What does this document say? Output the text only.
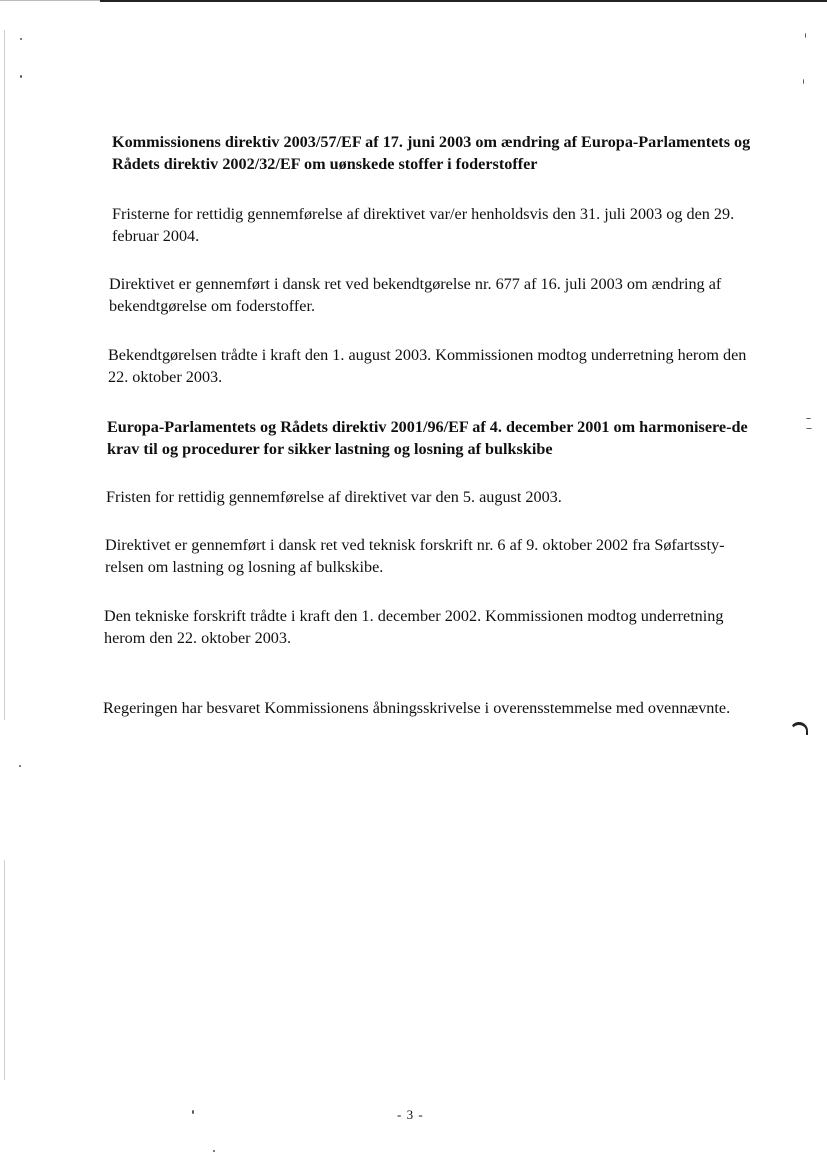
Kommissionens direktiv 2003/57/EF af 17. juni 2003 om ændring af Europa-Parlamentets og Rådets direktiv 2002/32/EF om uønskede stoffer i foderstoffer
Fristerne for rettidig gennemførelse af direktivet var/er henholdsvis den 31. juli 2003 og den 29. februar 2004.
Direktivet er gennemført i dansk ret ved bekendtgørelse nr. 677 af 16. juli 2003 om ændring af bekendtgørelse om foderstoffer.
Bekendtgørelsen trådte i kraft den 1. august 2003. Kommissionen modtog underretning herom den 22. oktober 2003.
Europa-Parlamentets og Rådets direktiv 2001/96/EF af 4. december 2001 om harmonisere-de krav til og procedurer for sikker lastning og losning af bulkskibe
Fristen for rettidig gennemførelse af direktivet var den 5. august 2003.
Direktivet er gennemført i dansk ret ved teknisk forskrift nr. 6 af 9. oktober 2002 fra Søfartssty-relsen om lastning og losning af bulkskibe.
Den tekniske forskrift trådte i kraft den 1. december 2002. Kommissionen modtog underretning herom den 22. oktober 2003.
Regeringen har besvaret Kommissionens åbningsskrivelse i overensstemmelse med ovennævnte.
- 3 -
